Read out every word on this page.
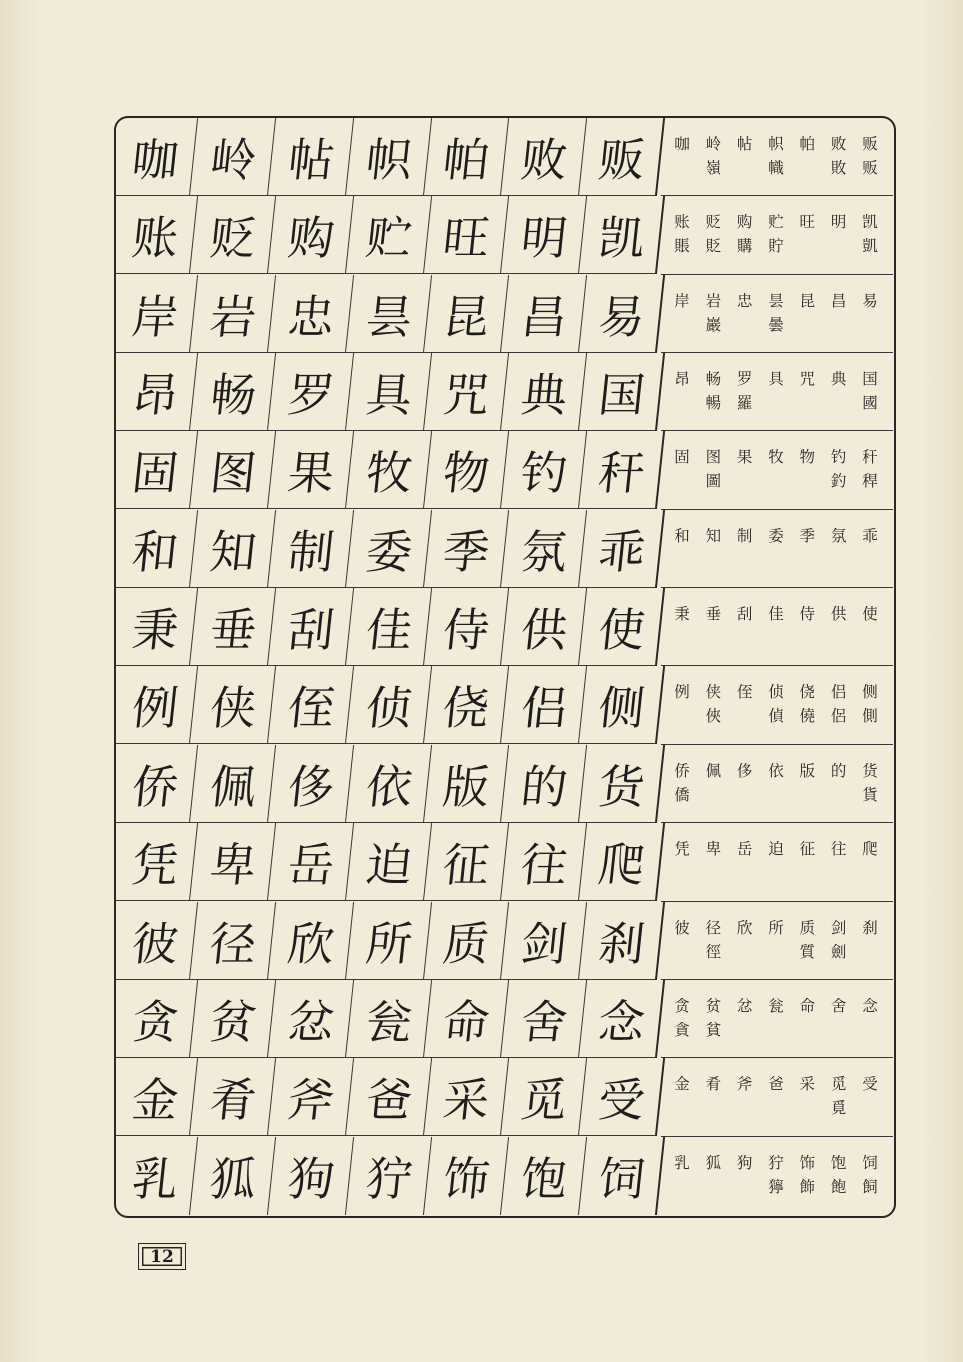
咖 岭 帖 帜 帕 败 贩
账 贬 购 贮 旺 明 凯
岸 岩 忠 昙 昆 昌 易
昂 畅 罗 具 咒 典 国
固 图 果 牧 物 钓 秆
和 知 制 委 季 氛 乖
秉 垂 刮 佳 侍 供 使
例 侠 侄 侦 侥 侣 侧
侨 佩 侈 依 版 的 货
凭 卑 岳 迫 征 往 爬
彼 径 欣 所 质 剑 刹
贪 贫 忿 瓮 命 舍 念
金 肴 斧 爸 采 觅 受
乳 狐 狗 狞 饰 饱 饲
贩
贩
败
敗
帕
帜
幟
帖
岭
嶺
咖
凯
凱
明
旺
贮
貯
购
購
贬
貶
账
賬
易
昌
昆
昙
曇
忠
岩
巖
岸
国
國
典
咒
具
罗
羅
畅
暢
昂
秆
稈
钓
釣
物
牧
果
图
圖
固
乖
氛
季
委
制
知
和
使
供
侍
佳
刮
垂
秉
侧
側
侣
侶
侥
僥
侦
偵
侄
侠
俠
例
货
貨
的
版
依
侈
佩
侨
僑
爬
往
征
迫
岳
卑
凭
刹
剑
劍
质
質
所
欣
径
徑
彼
念
舍
命
瓮
忿
贫
貧
贪
貪
受
觅
覓
采
爸
斧
肴
金
饲
飼
饱
飽
饰
飾
狞
獰
狗
狐
乳
12
